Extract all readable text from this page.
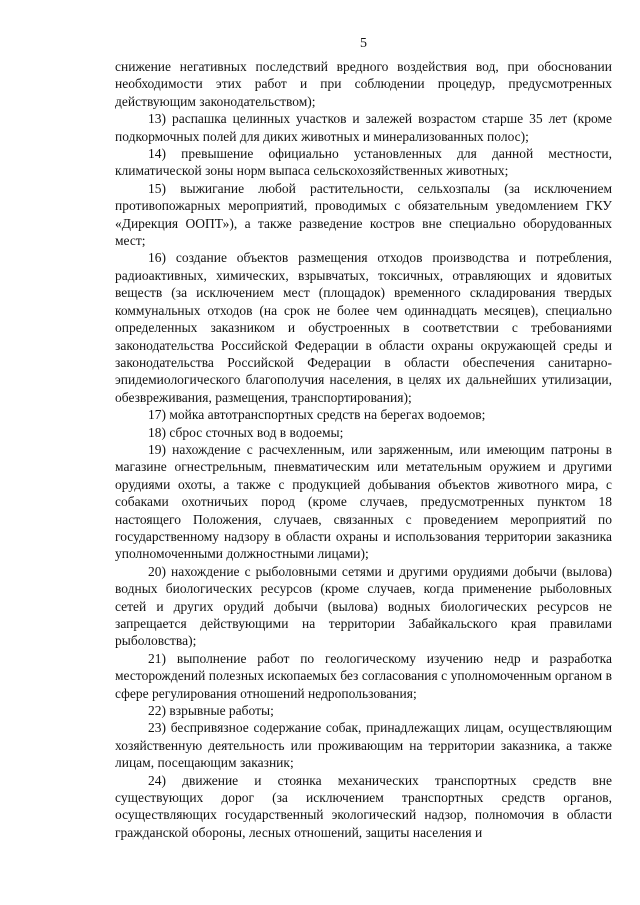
5

снижение негативных последствий вредного воздействия вод, при обосновании необходимости этих работ и при соблюдении процедур, предусмотренных действующим законодательством);

13) распашка целинных участков и залежей возрастом старше 35 лет (кроме подкормочных полей для диких животных и минерализованных полос);

14) превышение официально установленных для данной местности, климатической зоны норм выпаса сельскохозяйственных животных;

15) выжигание любой растительности, сельхозпалы (за исключением противопожарных мероприятий, проводимых с обязательным уведомлением ГКУ «Дирекция ООПТ»), а также разведение костров вне специально оборудованных мест;

16) создание объектов размещения отходов производства и потребления, радиоактивных, химических, взрывчатых, токсичных, отравляющих и ядовитых веществ (за исключением мест (площадок) временного складирования твердых коммунальных отходов (на срок не более чем одиннадцать месяцев), специально определенных заказником и обустроенных в соответствии с требованиями законодательства Российской Федерации в области охраны окружающей среды и законодательства Российской Федерации в области обеспечения санитарно-эпидемиологического благополучия населения, в целях их дальнейших утилизации, обезвреживания, размещения, транспортирования);

17) мойка автотранспортных средств на берегах водоемов;

18) сброс сточных вод в водоемы;

19) нахождение с расчехленным, или заряженным, или имеющим патроны в магазине огнестрельным, пневматическим или метательным оружием и другими орудиями охоты, а также с продукцией добывания объектов животного мира, с собаками охотничьих пород (кроме случаев, предусмотренных пунктом 18 настоящего Положения, случаев, связанных с проведением мероприятий по государственному надзору в области охраны и использования территории заказника уполномоченными должностными лицами);

20) нахождение с рыболовными сетями и другими орудиями добычи (вылова) водных биологических ресурсов (кроме случаев, когда применение рыболовных сетей и других орудий добычи (вылова) водных биологических ресурсов не запрещается действующими на территории Забайкальского края правилами рыболовства);

21) выполнение работ по геологическому изучению недр и разработка месторождений полезных ископаемых без согласования с уполномоченным органом в сфере регулирования отношений недропользования;

22) взрывные работы;

23) беспривязное содержание собак, принадлежащих лицам, осуществляющим хозяйственную деятельность или проживающим на территории заказника, а также лицам, посещающим заказник;

24) движение и стоянка механических транспортных средств вне существующих дорог (за исключением транспортных средств органов, осуществляющих государственный экологический надзор, полномочия в области гражданской обороны, лесных отношений, защиты населения и
